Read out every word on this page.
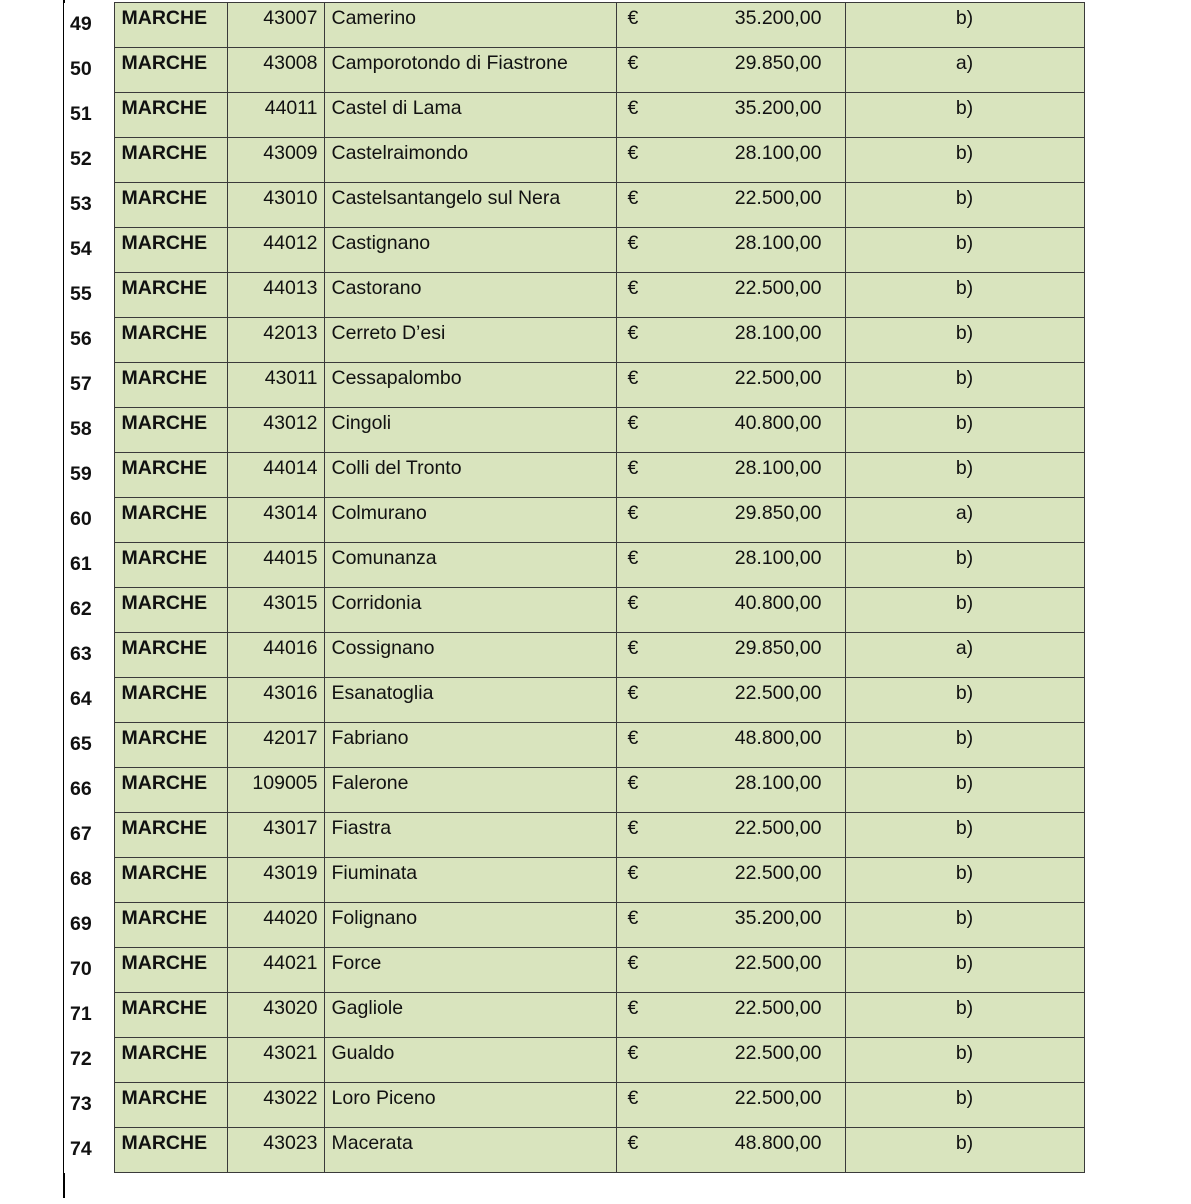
49	MARCHE	43007	Camerino	€ 35.200,00	b)
50	MARCHE	43008	Camporotondo di Fiastrone	€ 29.850,00	a)
51	MARCHE	44011	Castel di Lama	€ 35.200,00	b)
52	MARCHE	43009	Castelraimondo	€ 28.100,00	b)
53	MARCHE	43010	Castelsantangelo sul Nera	€ 22.500,00	b)
54	MARCHE	44012	Castignano	€ 28.100,00	b)
55	MARCHE	44013	Castorano	€ 22.500,00	b)
56	MARCHE	42013	Cerreto D’esi	€ 28.100,00	b)
57	MARCHE	43011	Cessapalombo	€ 22.500,00	b)
58	MARCHE	43012	Cingoli	€ 40.800,00	b)
59	MARCHE	44014	Colli del Tronto	€ 28.100,00	b)
60	MARCHE	43014	Colmurano	€ 29.850,00	a)
61	MARCHE	44015	Comunanza	€ 28.100,00	b)
62	MARCHE	43015	Corridonia	€ 40.800,00	b)
63	MARCHE	44016	Cossignano	€ 29.850,00	a)
64	MARCHE	43016	Esanatoglia	€ 22.500,00	b)
65	MARCHE	42017	Fabriano	€ 48.800,00	b)
66	MARCHE	109005	Falerone	€ 28.100,00	b)
67	MARCHE	43017	Fiastra	€ 22.500,00	b)
68	MARCHE	43019	Fiuminata	€ 22.500,00	b)
69	MARCHE	44020	Folignano	€ 35.200,00	b)
70	MARCHE	44021	Force	€ 22.500,00	b)
71	MARCHE	43020	Gagliole	€ 22.500,00	b)
72	MARCHE	43021	Gualdo	€ 22.500,00	b)
73	MARCHE	43022	Loro Piceno	€ 22.500,00	b)
74	MARCHE	43023	Macerata	€ 48.800,00	b)
